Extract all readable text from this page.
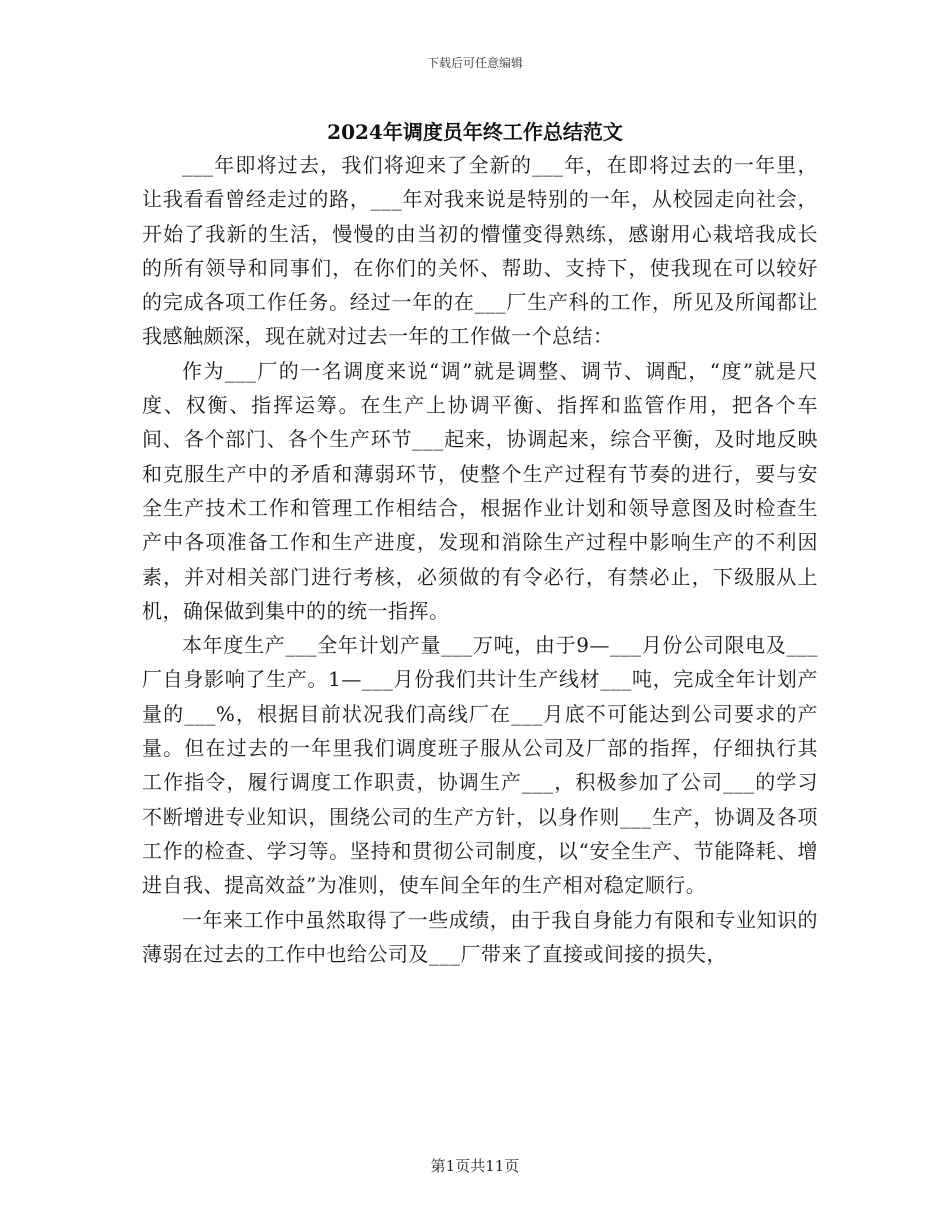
下载后可任意编辑
2024年调度员年终工作总结范文

___年即将过去，我们将迎来了全新的___年，在即将过去的一年里，让我看看曾经走过的路，___年对我来说是特别的一年，从校园走向社会，开始了我新的生活，慢慢的由当初的懵懂变得熟练，感谢用心栽培我成长的所有领导和同事们，在你们的关怀、帮助、支持下，使我现在可以较好的完成各项工作任务。经过一年的在___厂生产科的工作，所见及所闻都让我感触颇深，现在就对过去一年的工作做一个总结：

作为___厂的一名调度来说“调”就是调整、调节、调配，“度”就是尺度、权衡、指挥运筹。在生产上协调平衡、指挥和监管作用，把各个车间、各个部门、各个生产环节___起来，协调起来，综合平衡，及时地反映和克服生产中的矛盾和薄弱环节，使整个生产过程有节奏的进行，要与安全生产技术工作和管理工作相结合，根据作业计划和领导意图及时检查生产中各项准备工作和生产进度，发现和消除生产过程中影响生产的不利因素，并对相关部门进行考核，必须做的有令必行，有禁必止，下级服从上机，确保做到集中的的统一指挥。

本年度生产___全年计划产量___万吨，由于9—___月份公司限电及___厂自身影响了生产。1—___月份我们共计生产线材___吨，完成全年计划产量的___%，根据目前状况我们高线厂在___月底不可能达到公司要求的产量。但在过去的一年里我们调度班子服从公司及厂部的指挥，仔细执行其工作指令，履行调度工作职责，协调生产___，积极参加了公司___的学习不断增进专业知识，围绕公司的生产方针，以身作则___生产，协调及各项工作的检查、学习等。坚持和贯彻公司制度，以“安全生产、节能降耗、增进自我、提高效益”为准则，使车间全年的生产相对稳定顺行。

一年来工作中虽然取得了一些成绩，由于我自身能力有限和专业知识的薄弱在过去的工作中也给公司及___厂带来了直接或间接的损失，

第1页共11页
